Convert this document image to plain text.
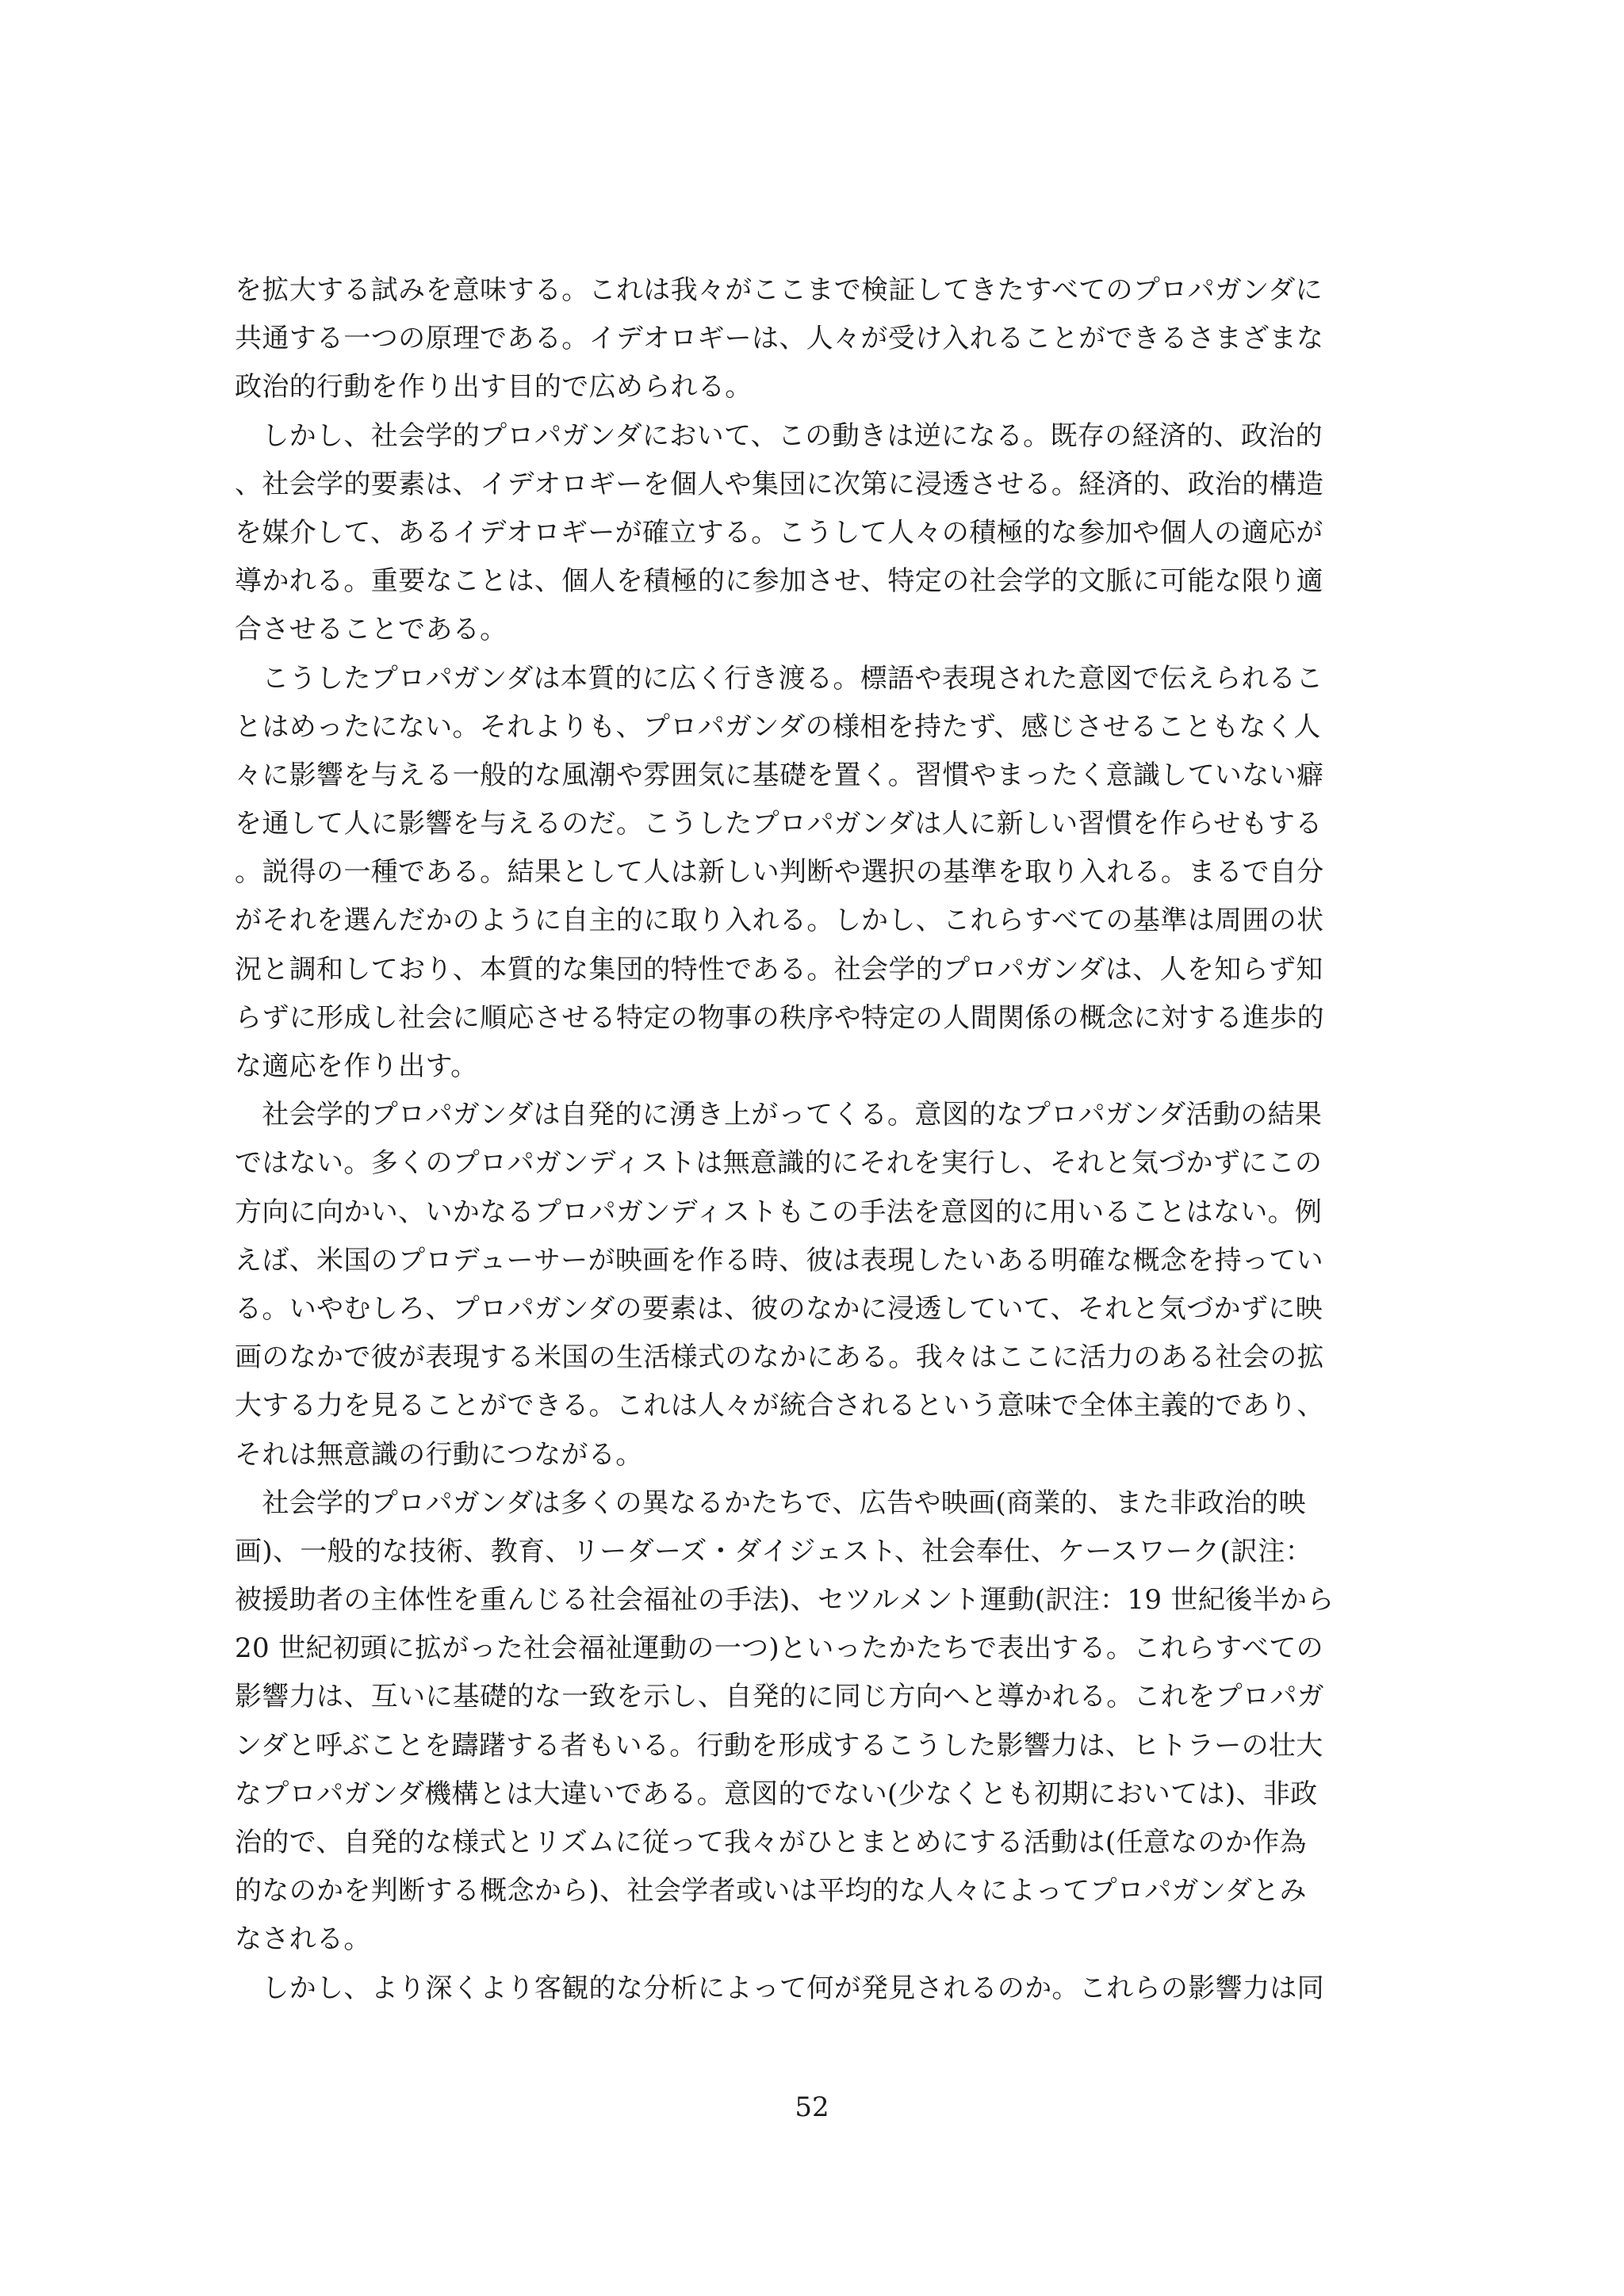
を拡大する試みを意味する。これは我々がここまで検証してきたすべてのプロパガンダに
共通する一つの原理である。イデオロギーは、人々が受け入れることができるさまざまな
政治的行動を作り出す目的で広められる。
　しかし、社会学的プロパガンダにおいて、この動きは逆になる。既存の経済的、政治的
、社会学的要素は、イデオロギーを個人や集団に次第に浸透させる。経済的、政治的構造
を媒介して、あるイデオロギーが確立する。こうして人々の積極的な参加や個人の適応が
導かれる。重要なことは、個人を積極的に参加させ、特定の社会学的文脈に可能な限り適
合させることである。
　こうしたプロパガンダは本質的に広く行き渡る。標語や表現された意図で伝えられるこ
とはめったにない。それよりも、プロパガンダの様相を持たず、感じさせることもなく人
々に影響を与える一般的な風潮や雰囲気に基礎を置く。習慣やまったく意識していない癖
を通して人に影響を与えるのだ。こうしたプロパガンダは人に新しい習慣を作らせもする
。説得の一種である。結果として人は新しい判断や選択の基準を取り入れる。まるで自分
がそれを選んだかのように自主的に取り入れる。しかし、これらすべての基準は周囲の状
況と調和しており、本質的な集団的特性である。社会学的プロパガンダは、人を知らず知
らずに形成し社会に順応させる特定の物事の秩序や特定の人間関係の概念に対する進歩的
な適応を作り出す。
　社会学的プロパガンダは自発的に湧き上がってくる。意図的なプロパガンダ活動の結果
ではない。多くのプロパガンディストは無意識的にそれを実行し、それと気づかずにこの
方向に向かい、いかなるプロパガンディストもこの手法を意図的に用いることはない。例
えば、米国のプロデューサーが映画を作る時、彼は表現したいある明確な概念を持ってい
る。いやむしろ、プロパガンダの要素は、彼のなかに浸透していて、それと気づかずに映
画のなかで彼が表現する米国の生活様式のなかにある。我々はここに活力のある社会の拡
大する力を見ることができる。これは人々が統合されるという意味で全体主義的であり、
それは無意識の行動につながる。
　社会学的プロパガンダは多くの異なるかたちで、広告や映画(商業的、また非政治的映
画)、一般的な技術、教育、リーダーズ・ダイジェスト、社会奉仕、ケースワーク(訳注：
被援助者の主体性を重んじる社会福祉の手法)、セツルメント運動(訳注：19 世紀後半から
20 世紀初頭に拡がった社会福祉運動の一つ)といったかたちで表出する。これらすべての
影響力は、互いに基礎的な一致を示し、自発的に同じ方向へと導かれる。これをプロパガ
ンダと呼ぶことを躊躇する者もいる。行動を形成するこうした影響力は、ヒトラーの壮大
なプロパガンダ機構とは大違いである。意図的でない(少なくとも初期においては)、非政
治的で、自発的な様式とリズムに従って我々がひとまとめにする活動は(任意なのか作為
的なのかを判断する概念から)、社会学者或いは平均的な人々によってプロパガンダとみ
なされる。
　しかし、より深くより客観的な分析によって何が発見されるのか。これらの影響力は同
52
